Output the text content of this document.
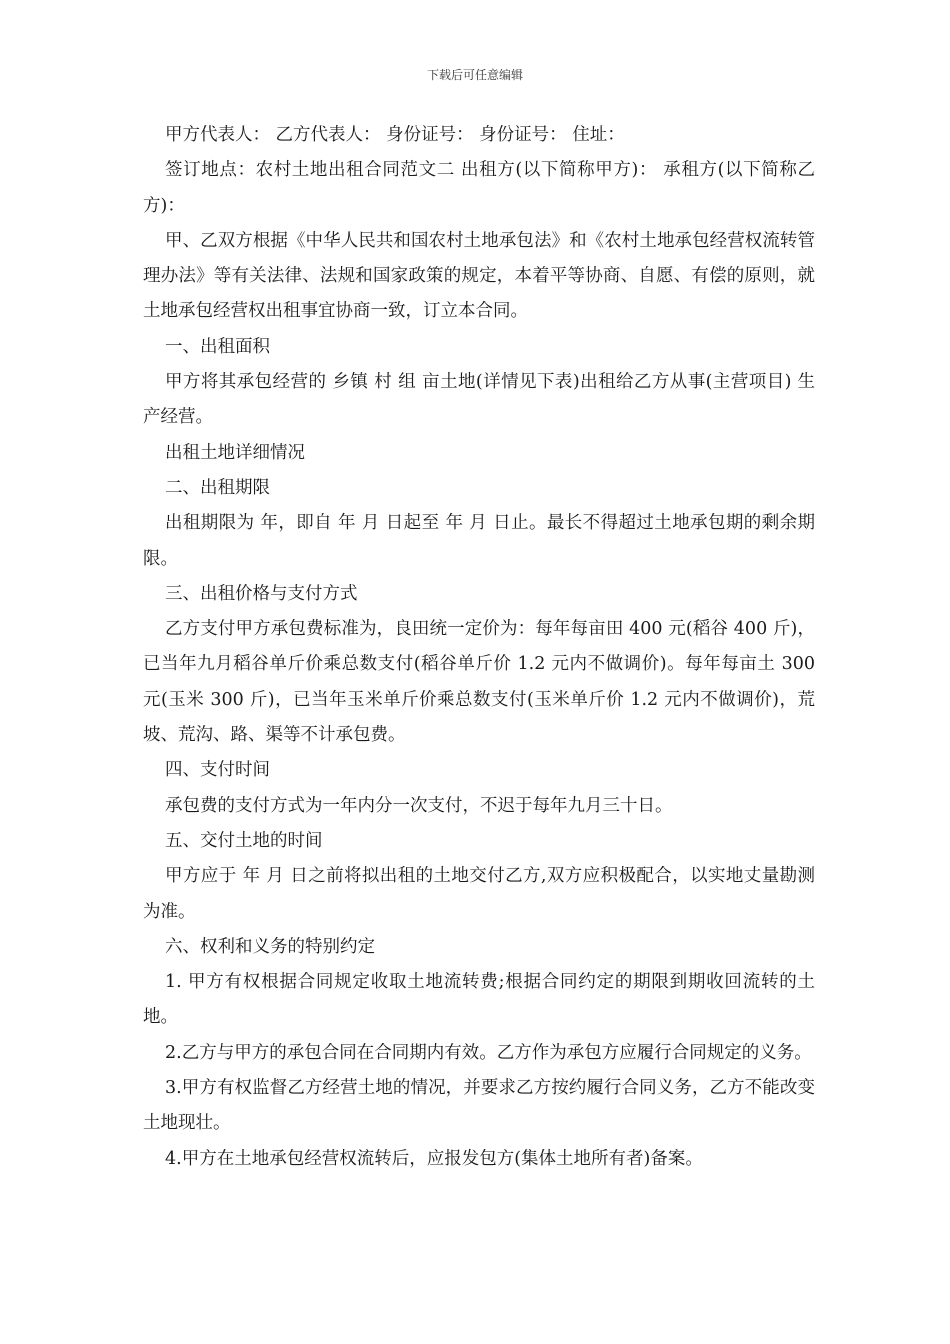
下载后可任意编辑

甲方代表人： 乙方代表人： 身份证号： 身份证号： 住址：

签订地点：农村土地出租合同范文二 出租方(以下简称甲方)： 承租方(以下简称乙方)：

甲、乙双方根据《中华人民共和国农村土地承包法》和《农村土地承包经营权流转管理办法》等有关法律、法规和国家政策的规定，本着平等协商、自愿、有偿的原则，就土地承包经营权出租事宜协商一致，订立本合同。

一、出租面积

甲方将其承包经营的 乡镇 村 组 亩土地(详情见下表)出租给乙方从事(主营项目) 生产经营。

出租土地详细情况

二、出租期限

出租期限为 年，即自 年 月 日起至 年 月 日止。最长不得超过土地承包期的剩余期限。

三、出租价格与支付方式

乙方支付甲方承包费标准为，良田统一定价为：每年每亩田 400 元(稻谷 400 斤)，已当年九月稻谷单斤价乘总数支付(稻谷单斤价 1.2 元内不做调价)。每年每亩土 300 元(玉米 300 斤)，已当年玉米单斤价乘总数支付(玉米单斤价 1.2 元内不做调价)，荒坡、荒沟、路、渠等不计承包费。

四、支付时间

承包费的支付方式为一年内分一次支付，不迟于每年九月三十日。

五、交付土地的时间

甲方应于 年 月 日之前将拟出租的土地交付乙方,双方应积极配合，以实地丈量勘测为准。

六、权利和义务的特别约定

1. 甲方有权根据合同规定收取土地流转费;根据合同约定的期限到期收回流转的土地。

2.乙方与甲方的承包合同在合同期内有效。乙方作为承包方应履行合同规定的义务。

3.甲方有权监督乙方经营土地的情况，并要求乙方按约履行合同义务，乙方不能改变土地现壮。

4.甲方在土地承包经营权流转后，应报发包方(集体土地所有者)备案。
